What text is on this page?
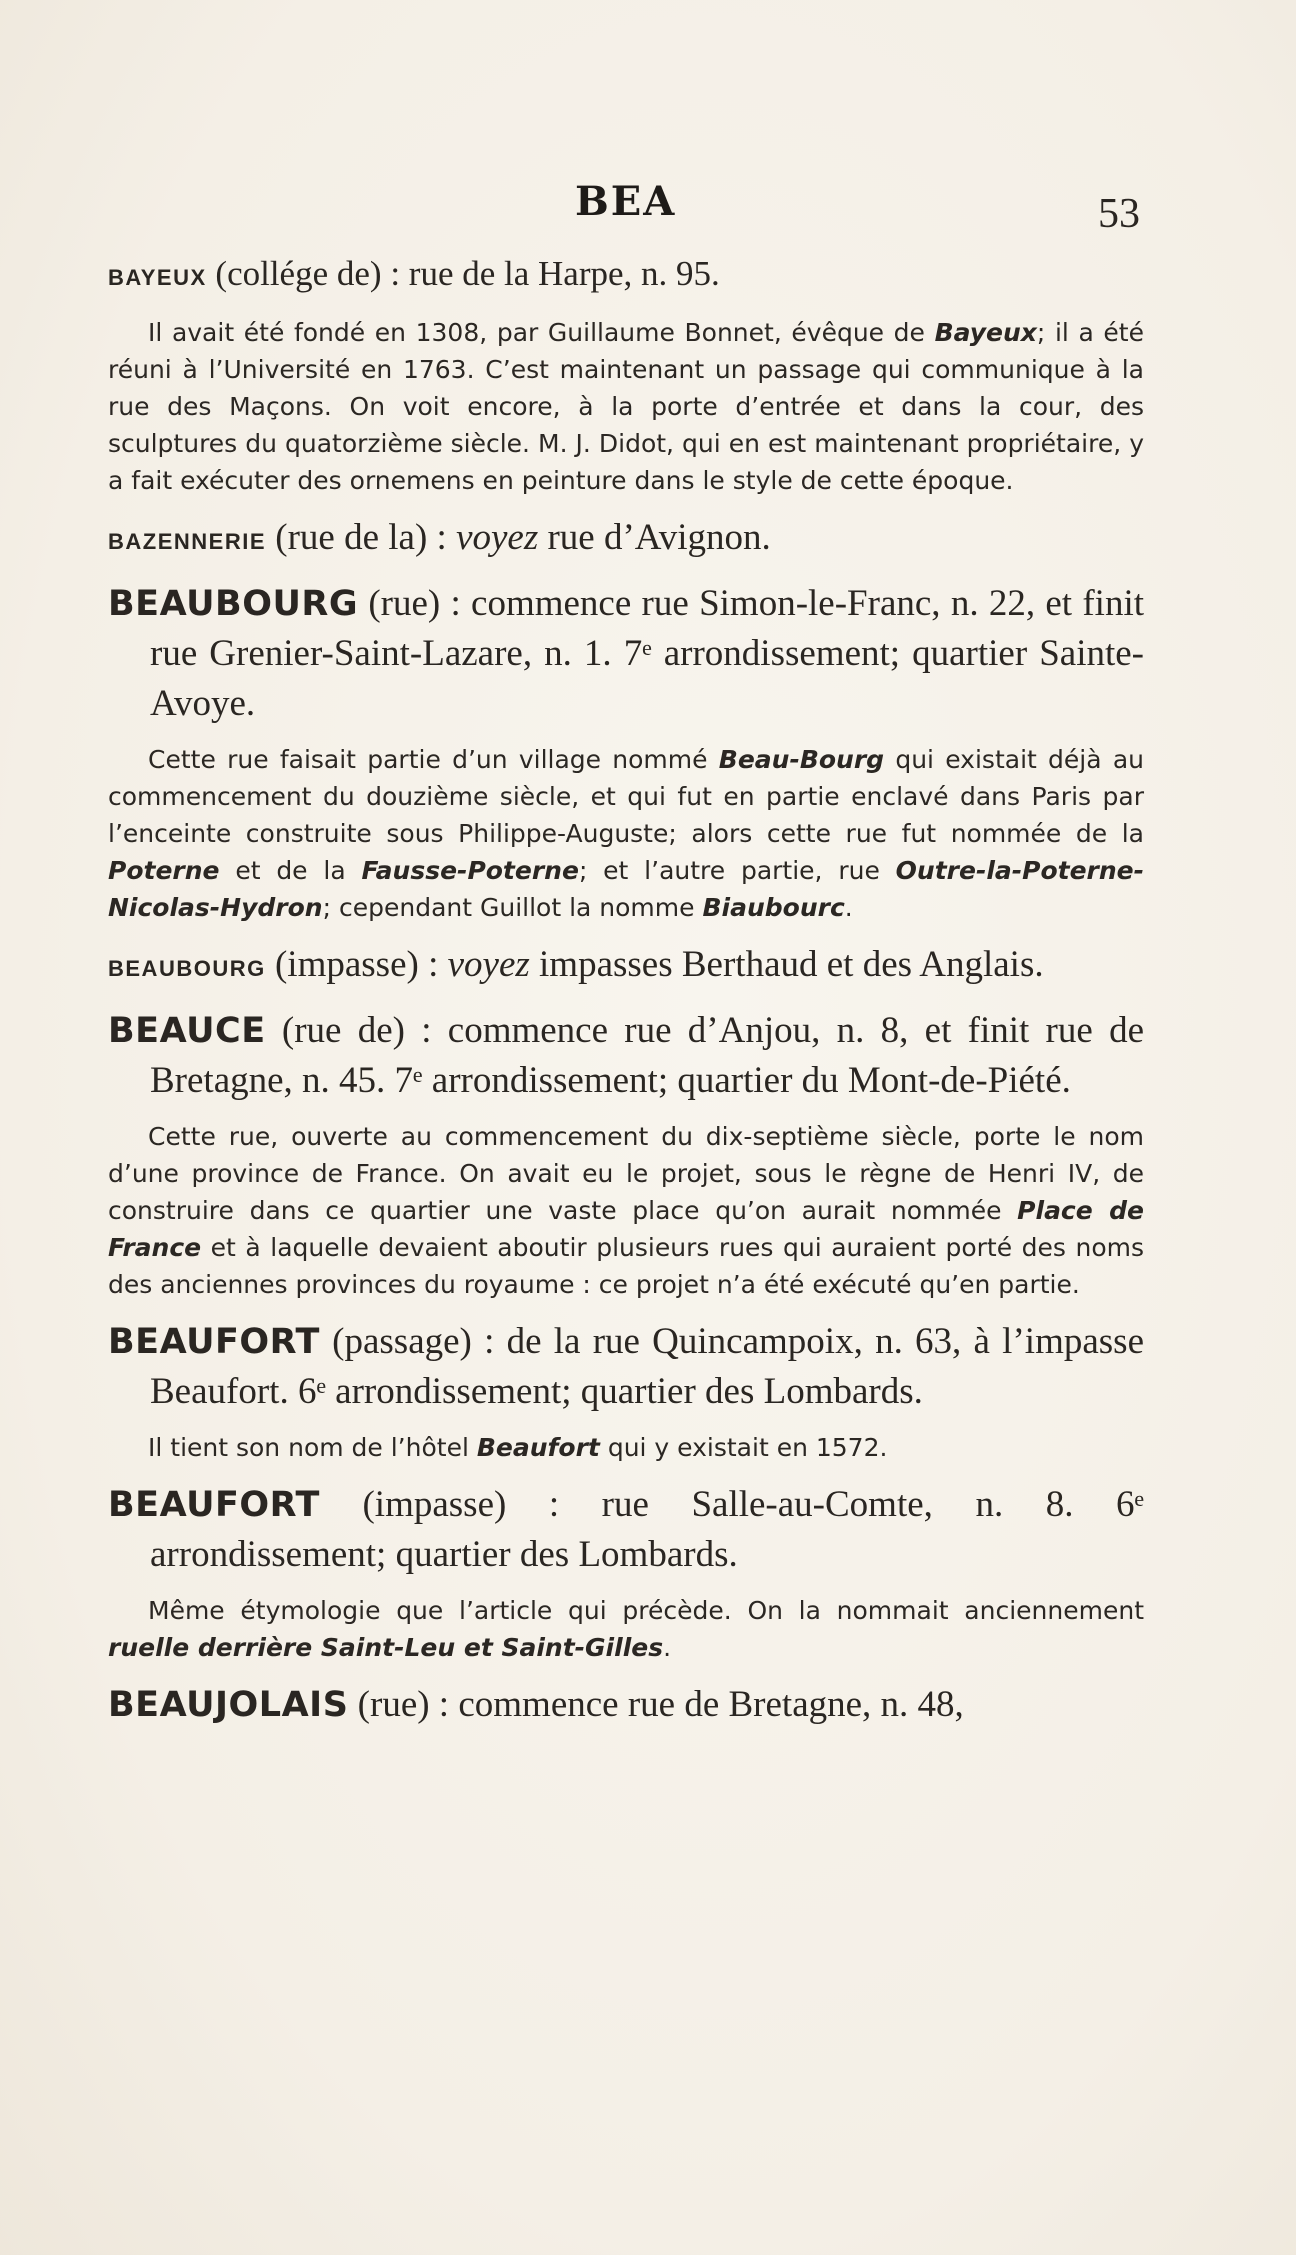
BEA	53

BAYEUX (collége de) : rue de la Harpe, n. 95.

Il avait été fondé en 1308, par Guillaume Bonnet, évêque de Bayeux; il a été réuni à l’Université en 1763. C’est maintenant un passage qui communique à la rue des Maçons. On voit encore, à la porte d’entrée et dans la cour, des sculptures du quatorzième siècle. M. J. Didot, qui en est maintenant propriétaire, y a fait exécuter des ornemens en peinture dans le style de cette époque.

BAZENNERIE (rue de la) : voyez rue d’Avignon.

BEAUBOURG (rue) : commence rue Simon-le-Franc, n. 22, et finit rue Grenier-Saint-Lazare, n. 1. 7ᵉ arrondissement; quartier Sainte-Avoye.

Cette rue faisait partie d’un village nommé Beau-Bourg qui existait déjà au commencement du douzième siècle, et qui fut en partie enclavé dans Paris par l’enceinte construite sous Philippe-Auguste; alors cette rue fut nommée de la Poterne et de la Fausse-Poterne; et l’autre partie, rue Outre-la-Poterne-Nicolas-Hydron; cependant Guillot la nomme Biaubourc.

BEAUBOURG (impasse) : voyez impasses Berthaud et des Anglais.

BEAUCE (rue de) : commence rue d’Anjou, n. 8, et finit rue de Bretagne, n. 45. 7ᵉ arrondissement; quartier du Mont-de-Piété.

Cette rue, ouverte au commencement du dix-septième siècle, porte le nom d’une province de France. On avait eu le projet, sous le règne de Henri IV, de construire dans ce quartier une vaste place qu’on aurait nommée Place de France et à laquelle devaient aboutir plusieurs rues qui auraient porté des noms des anciennes provinces du royaume : ce projet n’a été exécuté qu’en partie.

BEAUFORT (passage) : de la rue Quincampoix, n. 63, à l’impasse Beaufort. 6ᵉ arrondissement; quartier des Lombards.

Il tient son nom de l’hôtel Beaufort qui y existait en 1572.

BEAUFORT (impasse) : rue Salle-au-Comte, n. 8. 6ᵉ arrondissement; quartier des Lombards.

Même étymologie que l’article qui précède. On la nommait anciennement ruelle derrière Saint-Leu et Saint-Gilles.

BEAUJOLAIS (rue) : commence rue de Bretagne, n. 48,
